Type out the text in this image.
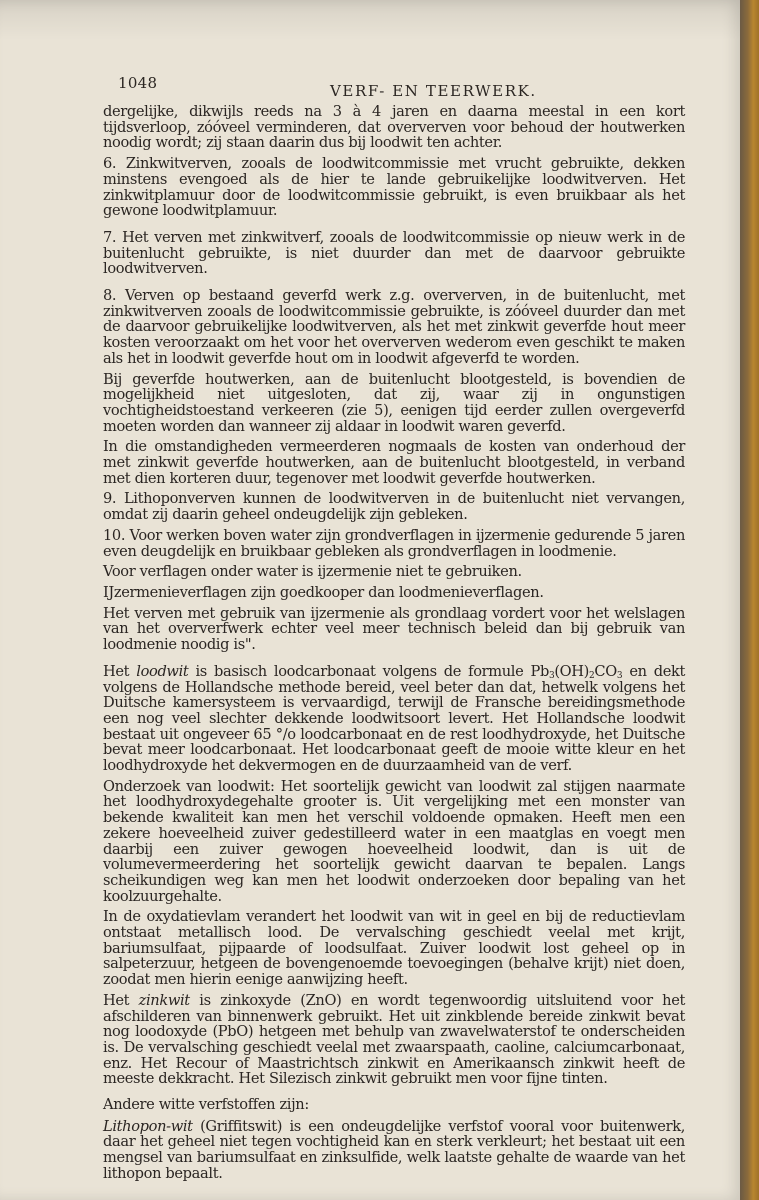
1048	VERF- EN TEERWERK.

dergelijke, dikwijls reeds na 3 à 4 jaren en daarna meestal in een kort tijdsverloop, zóóveel verminderen, dat oververven voor behoud der houtwerken noodig wordt; zij staan daarin dus bij loodwit ten achter.

6. Zinkwitverven, zooals de loodwitcommissie met vrucht gebruikte, dekken minstens evengoed als de hier te lande gebruikelijke loodwitverven. Het zinkwitplamuur door de loodwitcommissie gebruikt, is even bruikbaar als het gewone loodwitplamuur.

7. Het verven met zinkwitverf, zooals de loodwitcommissie op nieuw werk in de buitenlucht gebruikte, is niet duurder dan met de daarvoor gebruikte loodwitverven.

8. Verven op bestaand geverfd werk z.g. oververven, in de buitenlucht, met zinkwitverven zooals de loodwitcommissie gebruikte, is zóóveel duurder dan met de daarvoor gebruikelijke loodwitverven, als het met zinkwit geverfde hout meer kosten veroorzaakt om het voor het oververven wederom even geschikt te maken als het in loodwit geverfde hout om in loodwit afgeverfd te worden.

Bij geverfde houtwerken, aan de buitenlucht blootgesteld, is bovendien de mogelijkheid niet uitgesloten, dat zij, waar zij in ongunstigen vochtigheidstoestand verkeeren (zie 5), eenigen tijd eerder zullen overgeverfd moeten worden dan wanneer zij aldaar in loodwit waren geverfd.

In die omstandigheden vermeerderen nogmaals de kosten van onderhoud der met zinkwit geverfde houtwerken, aan de buitenlucht blootgesteld, in verband met dien korteren duur, tegenover met loodwit geverfde houtwerken.

9. Lithoponverven kunnen de loodwitverven in de buitenlucht niet vervangen, omdat zij daarin geheel ondeugdelijk zijn gebleken.

10. Voor werken boven water zijn grondverflagen in ijzermenie gedurende 5 jaren even deugdelijk en bruikbaar gebleken als grondverflagen in loodmenie.

Voor verflagen onder water is ijzermenie niet te gebruiken.

IJzermenieverflagen zijn goedkooper dan loodmenieverflagen.

Het verven met gebruik van ijzermenie als grondlaag vordert voor het welslagen van het oververfwerk echter veel meer technisch beleid dan bij gebruik van loodmenie noodig is".

Het loodwit is basisch loodcarbonaat volgens de formule $Pb_3(OH)_2CO_3$ en dekt volgens de Hollandsche methode bereid, veel beter dan dat, hetwelk volgens het Duitsche kamersysteem is vervaardigd, terwijl de Fransche bereidingsmethode een nog veel slechter dekkende loodwitsoort levert. Het Hollandsche loodwit bestaat uit ongeveer 65 °/o loodcarbonaat en de rest loodhydroxyde, het Duitsche bevat meer loodcarbonaat. Het loodcarbonaat geeft de mooie witte kleur en het loodhydroxyde het dekvermogen en de duurzaamheid van de verf.

Onderzoek van loodwit: Het soortelijk gewicht van loodwit zal stijgen naarmate het loodhydroxydegehalte grooter is. Uit vergelijking met een monster van bekende kwaliteit kan men het verschil voldoende opmaken. Heeft men een zekere hoeveelheid zuiver gedestilleerd water in een maatglas en voegt men daarbij een zuiver gewogen hoeveelheid loodwit, dan is uit de volumevermeerdering het soortelijk gewicht daarvan te bepalen. Langs scheikundigen weg kan men het loodwit onderzoeken door bepaling van het koolzuurgehalte.

In de oxydatievlam verandert het loodwit van wit in geel en bij de reductievlam ontstaat metallisch lood. De vervalsching geschiedt veelal met krijt, bariumsulfaat, pijpaarde of loodsulfaat. Zuiver loodwit lost geheel op in salpeterzuur, hetgeen de bovengenoemde toevoegingen (behalve krijt) niet doen, zoodat men hierin eenige aanwijzing heeft.

Het zinkwit is zinkoxyde (ZnO) en wordt tegenwoordig uitsluitend voor het afschilderen van binnenwerk gebruikt. Het uit zinkblende bereide zinkwit bevat nog loodoxyde (PbO) hetgeen met behulp van zwavelwaterstof te onderscheiden is. De vervalsching geschiedt veelal met zwaarspaath, caoline, calciumcarbonaat, enz. Het Recour of Maastrichtsch zinkwit en Amerikaansch zinkwit heeft de meeste dekkracht. Het Silezisch zinkwit gebruikt men voor fijne tinten.

Andere witte verfstoffen zijn:

Lithopon-wit (Griffitswit) is een ondeugdelijke verfstof vooral voor buitenwerk, daar het geheel niet tegen vochtigheid kan en sterk verkleurt; het bestaat uit een mengsel van bariumsulfaat en zinksulfide, welk laatste gehalte de waarde van het lithopon bepaalt.
